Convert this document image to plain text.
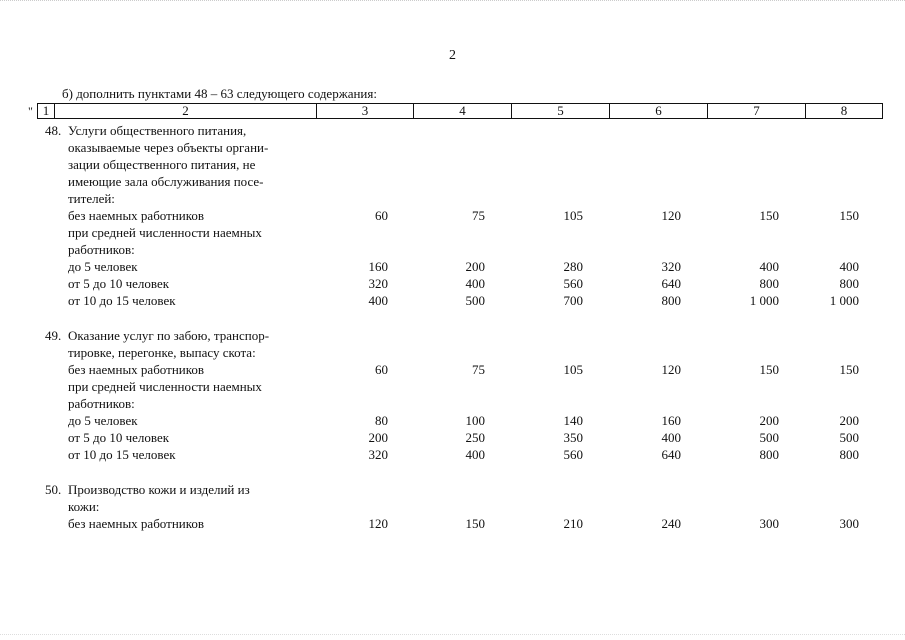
2
б) дополнить пунктами 48 – 63 следующего содержания:
" 1	2	3	4	5	6	7	8
48. Услуги общественного питания,
оказываемые через объекты органи-
зации общественного питания, не
имеющие зала обслуживания посе-
тителей:
без наемных работников	60	75	105	120	150	150
при средней численности наемных
работников:
до 5 человек	160	200	280	320	400	400
от 5 до 10 человек	320	400	560	640	800	800
от 10 до 15 человек	400	500	700	800	1 000	1 000
49. Оказание услуг по забою, транспор-
тировке, перегонке, выпасу скота:
без наемных работников	60	75	105	120	150	150
при средней численности наемных
работников:
до 5 человек	80	100	140	160	200	200
от 5 до 10 человек	200	250	350	400	500	500
от 10 до 15 человек	320	400	560	640	800	800
50. Производство кожи и изделий из
кожи:
без наемных работников	120	150	210	240	300	300
